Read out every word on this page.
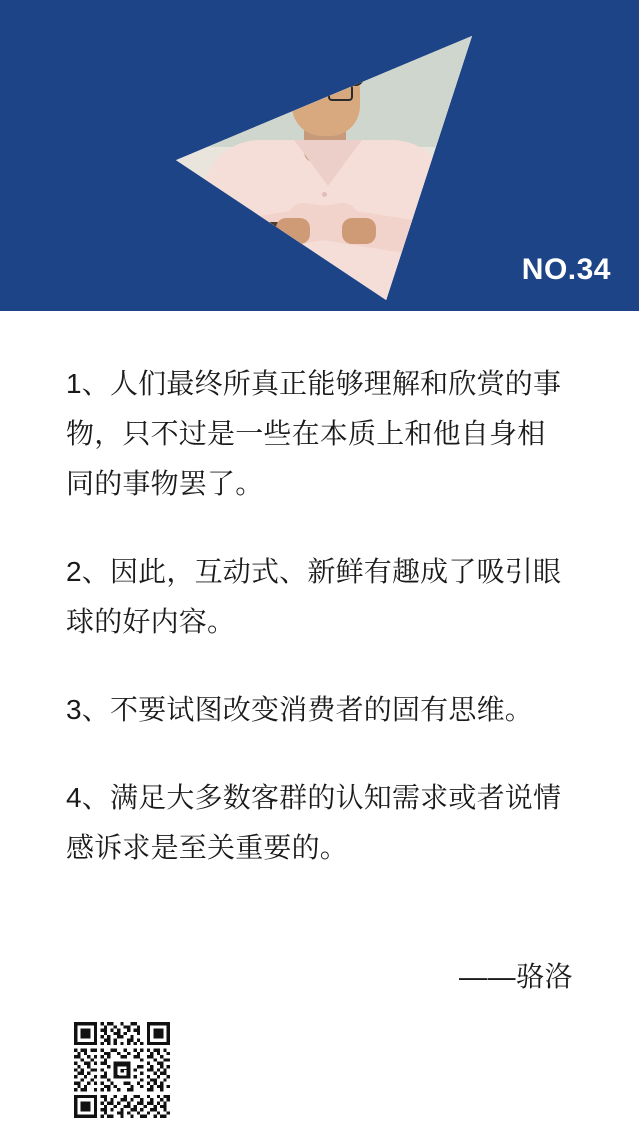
NO.34

1、人们最终所真正能够理解和欣赏的事物，只不过是一些在本质上和他自身相同的事物罢了。

2、因此，互动式、新鲜有趣成了吸引眼球的好内容。

3、不要试图改变消费者的固有思维。

4、满足大多数客群的认知需求或者说情感诉求是至关重要的。

——骆洛
